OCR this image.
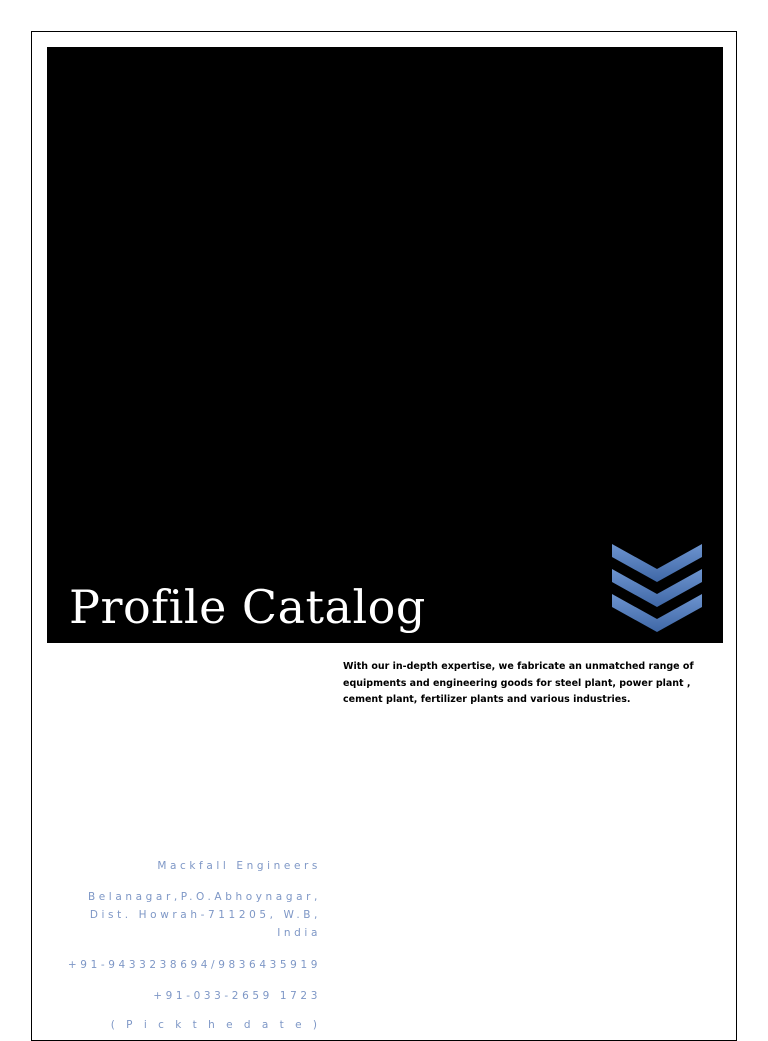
Profile Catalog

With our in-depth expertise, we fabricate an unmatched range of equipments and engineering goods for steel plant, power plant , cement plant, fertilizer plants and various industries.

Mackfall Engineers

Belanagar,P.O.Abhoynagar,

Dist. Howrah-711205, W.B,

India

+91-9433238694/9836435919

+91-033-2659 1723

( P i c k t h e d a t e )
